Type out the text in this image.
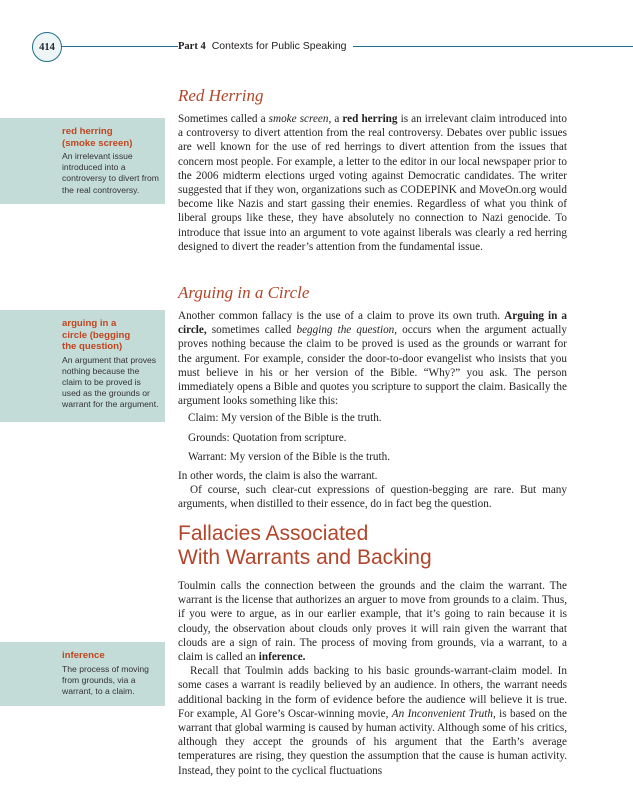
414	Part 4 Contexts for Public Speaking

red herring
(smoke screen)

An irrelevant issue introduced into a controversy to divert from the real controversy.

arguing in a
circle (begging
the question)

An argument that proves nothing because the claim to be proved is used as the grounds or warrant for the argument.

inference

The process of moving from grounds, via a warrant, to a claim.

Red Herring

Sometimes called a smoke screen, a red herring is an irrelevant claim introduced into a controversy to divert attention from the real controversy. Debates over public issues are well known for the use of red herrings to divert attention from the issues that concern most people. For example, a letter to the editor in our local newspaper prior to the 2006 midterm elections urged voting against Democratic candidates. The writer suggested that if they won, organizations such as CODEPINK and MoveOn.org would become like Nazis and start gassing their enemies. Regardless of what you think of liberal groups like these, they have absolutely no connection to Nazi genocide. To introduce that issue into an argument to vote against liberals was clearly a red herring designed to divert the reader’s attention from the fundamental issue.

Arguing in a Circle

Another common fallacy is the use of a claim to prove its own truth. Arguing in a circle, sometimes called begging the question, occurs when the argument actually proves nothing because the claim to be proved is used as the grounds or warrant for the argument. For example, consider the door-to-door evangelist who insists that you must believe in his or her version of the Bible. “Why?” you ask. The person immediately opens a Bible and quotes you scripture to support the claim. Basically the argument looks something like this:

Claim: My version of the Bible is the truth.

Grounds: Quotation from scripture.

Warrant: My version of the Bible is the truth.

In other words, the claim is also the warrant.

Of course, such clear-cut expressions of question-begging are rare. But many arguments, when distilled to their essence, do in fact beg the question.

Fallacies Associated
With Warrants and Backing

Toulmin calls the connection between the grounds and the claim the warrant. The warrant is the license that authorizes an arguer to move from grounds to a claim. Thus, if you were to argue, as in our earlier example, that it’s going to rain because it is cloudy, the observation about clouds only proves it will rain given the warrant that clouds are a sign of rain. The process of moving from grounds, via a warrant, to a claim is called an inference.

Recall that Toulmin adds backing to his basic grounds-warrant-claim model. In some cases a warrant is readily believed by an audience. In others, the warrant needs additional backing in the form of evidence before the audience will believe it is true. For example, Al Gore’s Oscar-winning movie, An Inconvenient Truth, is based on the warrant that global warming is caused by human activity. Although some of his critics, although they accept the grounds of his argument that the Earth’s average temperatures are rising, they question the assumption that the cause is human activity. Instead, they point to the cyclical fluctuations
